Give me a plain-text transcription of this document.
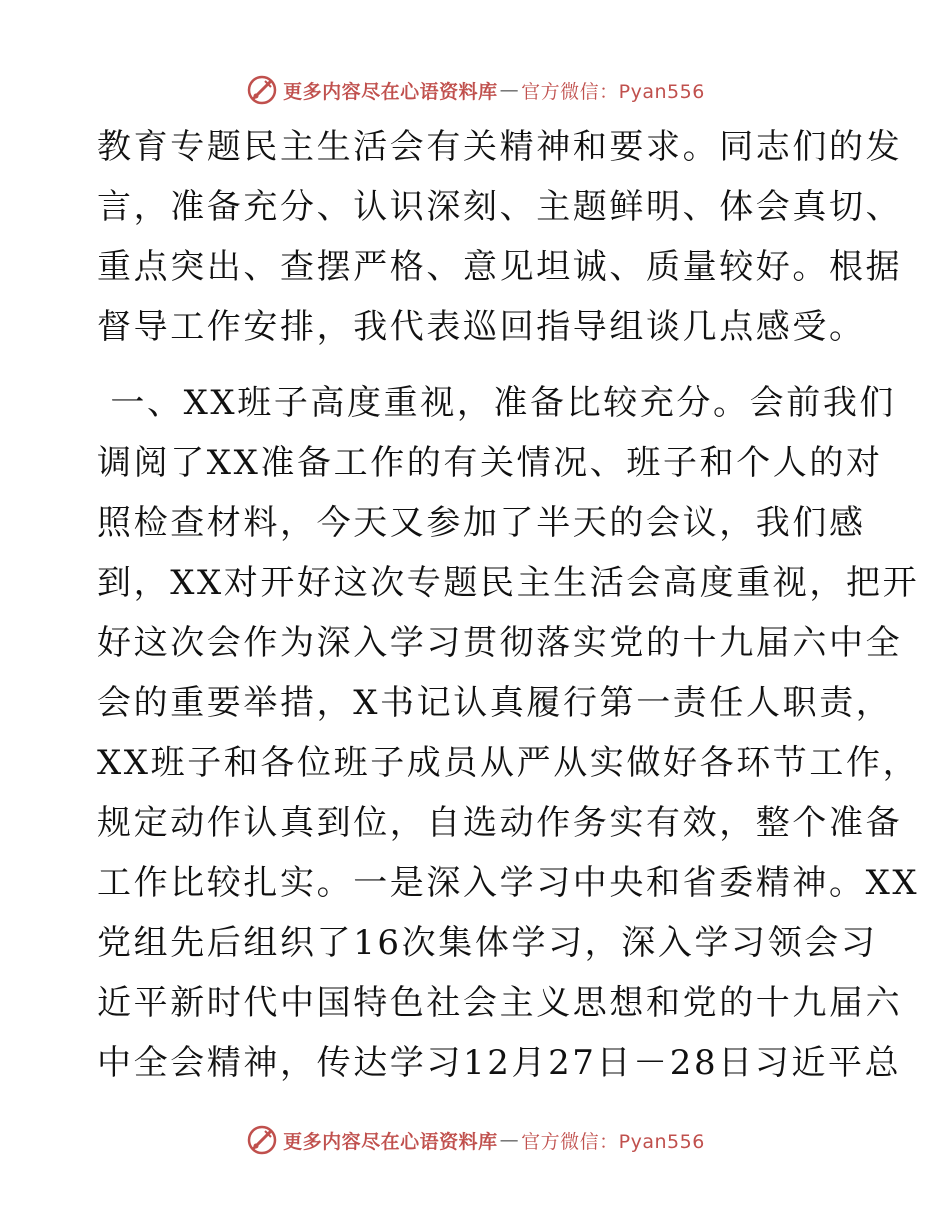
更多内容尽在心语资料库 — 官方微信：Pyan556

教育专题民主生活会有关精神和要求。同志们的发
言，准备充分、认识深刻、主题鲜明、体会真切、
重点突出、查摆严格、意见坦诚、质量较好。根据
督导工作安排，我代表巡回指导组谈几点感受。

一、XX班子高度重视，准备比较充分。会前我们
调阅了XX准备工作的有关情况、班子和个人的对
照检查材料，今天又参加了半天的会议，我们感
到，XX对开好这次专题民主生活会高度重视，把开
好这次会作为深入学习贯彻落实党的十九届六中全
会的重要举措，X书记认真履行第一责任人职责，
XX班子和各位班子成员从严从实做好各环节工作，
规定动作认真到位，自选动作务实有效，整个准备
工作比较扎实。一是深入学习中央和省委精神。XX
党组先后组织了16次集体学习，深入学习领会习
近平新时代中国特色社会主义思想和党的十九届六
中全会精神，传达学习12月27日－28日习近平总

更多内容尽在心语资料库 — 官方微信：Pyan556
